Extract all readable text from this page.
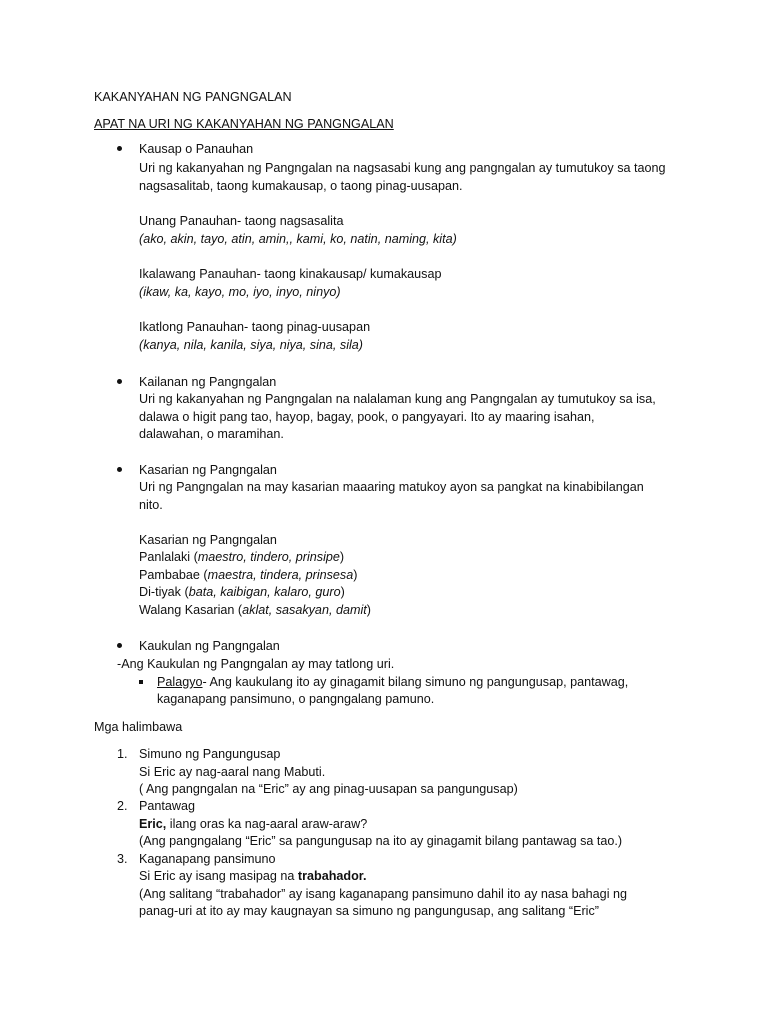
KAKANYAHAN NG PANGNGALAN
APAT NA URI NG KAKANYAHAN NG PANGNGALAN
Kausap o Panauhan
Uri ng kakanyahan ng Pangngalan na nagsasabi kung ang pangngalan ay tumutukoy sa taong
nagsasalitab, taong kumakausap, o taong pinag-uusapan.
Unang Panauhan- taong nagsasalita
(ako, akin, tayo, atin, amin,, kami, ko, natin, naming, kita)
Ikalawang Panauhan- taong kinakausap/ kumakausap
(ikaw, ka, kayo, mo, iyo, inyo, ninyo)
Ikatlong Panauhan- taong pinag-uusapan
(kanya, nila, kanila, siya, niya, sina, sila)
Kailanan ng Pangngalan
Uri ng kakanyahan ng Pangngalan na nalalaman kung ang Pangngalan ay tumutukoy sa isa,
dalawa o higit pang tao, hayop, bagay, pook, o pangyayari. Ito ay maaring isahan,
dalawahan, o maramihan.
Kasarian ng Pangngalan
Uri ng Pangngalan na may kasarian maaaring matukoy ayon sa pangkat na kinabibilangan
nito.
Kasarian ng Pangngalan
Panlalaki (maestro, tindero, prinsipe)
Pambabae (maestra, tindera, prinsesa)
Di-tiyak (bata, kaibigan, kalaro, guro)
Walang Kasarian (aklat, sasakyan, damit)
Kaukulan ng Pangngalan
-Ang Kaukulan ng Pangngalan ay may tatlong uri.
Palagyo- Ang kaukulang ito ay ginagamit bilang simuno ng pangungusap, pantawag,
kaganapang pansimuno, o pangngalang pamuno.
Mga halimbawa
1. Simuno ng Pangungusap
Si Eric ay nag-aaral nang Mabuti.
( Ang pangngalan na “Eric” ay ang pinag-uusapan sa pangungusap)
2. Pantawag
Eric, ilang oras ka nag-aaral araw-araw?
(Ang pangngalang “Eric” sa pangungusap na ito ay ginagamit bilang pantawag sa tao.)
3. Kaganapang pansimuno
Si Eric ay isang masipag na trabahador.
(Ang salitang “trabahador” ay isang kaganapang pansimuno dahil ito ay nasa bahagi ng
panag-uri at ito ay may kaugnayan sa simuno ng pangungusap, ang salitang “Eric”
